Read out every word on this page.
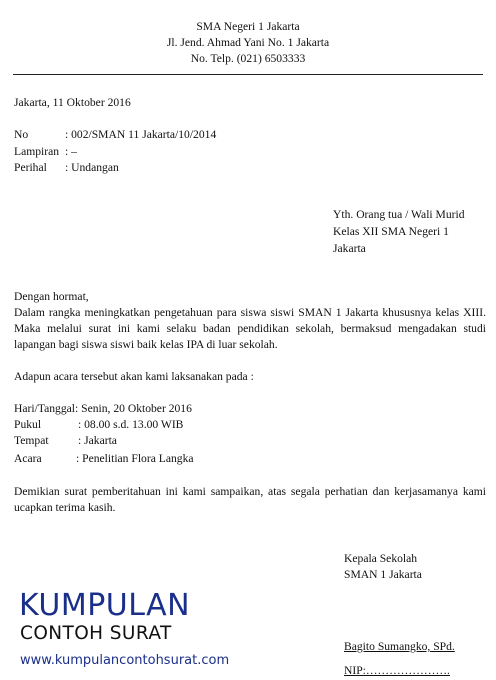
SMA Negeri 1 Jakarta
Jl. Jend. Ahmad Yani No. 1 Jakarta
No. Telp. (021) 6503333
Jakarta, 11 Oktober 2016
No	: 002/SMAN 11 Jakarta/10/2014
Lampiran : –
Perihal : Undangan
Yth. Orang tua / Wali Murid
Kelas XII SMA Negeri 1
Jakarta
Dengan hormat,
Dalam rangka meningkatkan pengetahuan para siswa siswi SMAN 1 Jakarta khususnya kelas XIII. Maka melalui surat ini kami selaku badan pendidikan sekolah, bermaksud mengadakan studi lapangan bagi siswa siswi baik kelas IPA di luar sekolah.
Adapun acara tersebut akan kami laksanakan pada :
Hari/Tanggal: Senin, 20 Oktober 2016
Pukul	: 08.00 s.d. 13.00 WIB
Tempat	: Jakarta
Acara	: Penelitian Flora Langka
Demikian surat pemberitahuan ini kami sampaikan, atas segala perhatian dan kerjasamanya kami ucapkan terima kasih.
Kepala Sekolah
SMAN 1 Jakarta
Bagito Sumangko, SPd.
NIP:………………….
KUMPULAN
CONTOH SURAT
www.kumpulancontohsurat.com
